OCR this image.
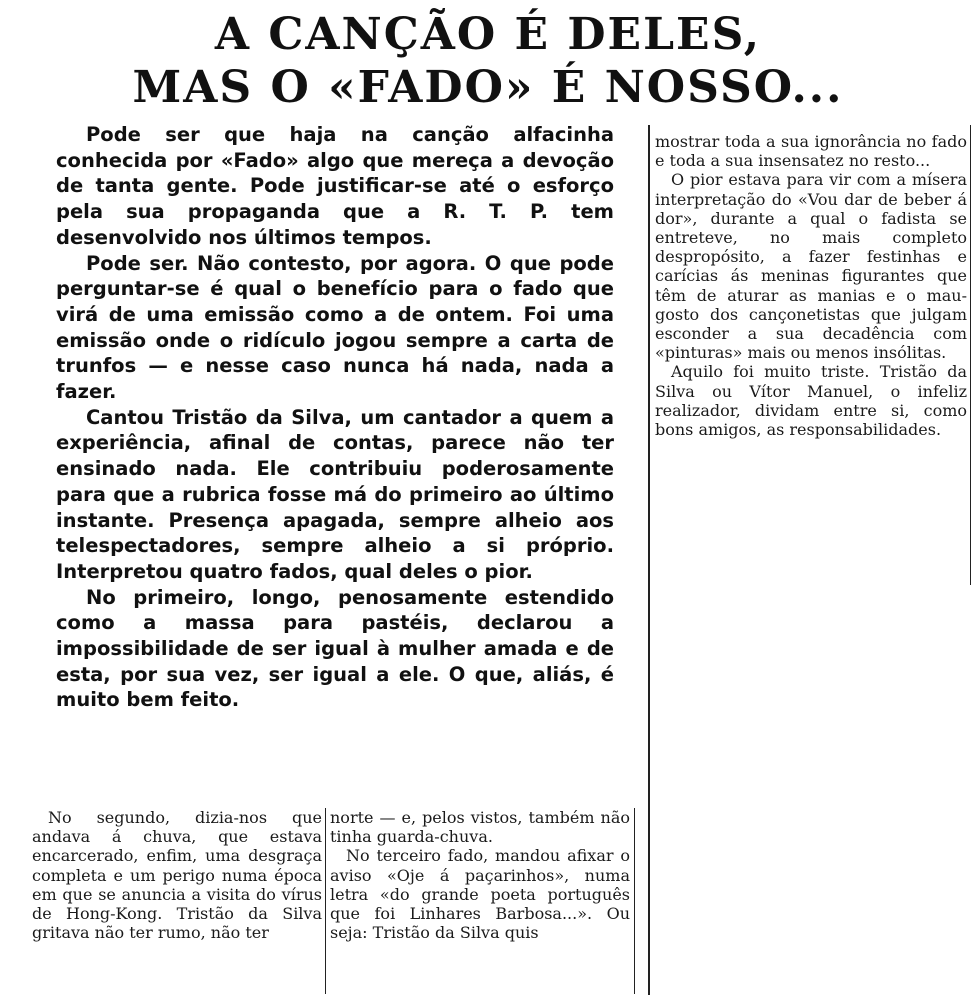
A CANÇÃO É DELES,
MAS O «FADO» É NOSSO...

Pode ser que haja na canção alfacinha conhecida por «Fado» algo que mereça a devoção de tanta gente. Pode justificar-se até o esforço pela sua propaganda que a R. T. P. tem desenvolvido nos últimos tempos.

Pode ser. Não contesto, por agora. O que pode perguntar-se é qual o benefício para o fado que virá de uma emissão como a de ontem. Foi uma emissão onde o ridículo jogou sempre a carta de trunfos — e nesse caso nunca há nada, nada a fazer.

Cantou Tristão da Silva, um cantador a quem a experiência, afinal de contas, parece não ter ensinado nada. Ele contribuiu poderosamente para que a rubrica fosse má do primeiro ao último instante. Presença apagada, sempre alheio aos telespectadores, sempre alheio a si próprio. Interpretou quatro fados, qual deles o pior.

No primeiro, longo, penosamente estendido como a massa para pastéis, declarou a impossibilidade de ser igual à mulher amada e de esta, por sua vez, ser igual a ele. O que, aliás, é muito bem feito.

mostrar toda a sua ignorância no fado e toda a sua insensatez no resto...

O pior estava para vir com a mísera interpretação do «Vou dar de beber á dor», durante a qual o fadista se entreteve, no mais completo despropósito, a fazer festinhas e carícias ás meninas figurantes que têm de aturar as manias e o mau-gosto dos cançonetistas que julgam esconder a sua decadência com «pinturas» mais ou menos insólitas.

Aquilo foi muito triste. Tristão da Silva ou Vítor Manuel, o infeliz realizador, dividam entre si, como bons amigos, as responsabilidades.

No segundo, dizia-nos que andava á chuva, que estava encarcerado, enfim, uma desgraça completa e um perigo numa época em que se anuncia a visita do vírus de Hong-Kong. Tristão da Silva gritava não ter rumo, não ter

norte — e, pelos vistos, também não tinha guarda-chuva.

No terceiro fado, mandou afixar o aviso «Oje á paçarinhos», numa letra «do grande poeta português que foi Linhares Barbosa...». Ou seja: Tristão da Silva quis
